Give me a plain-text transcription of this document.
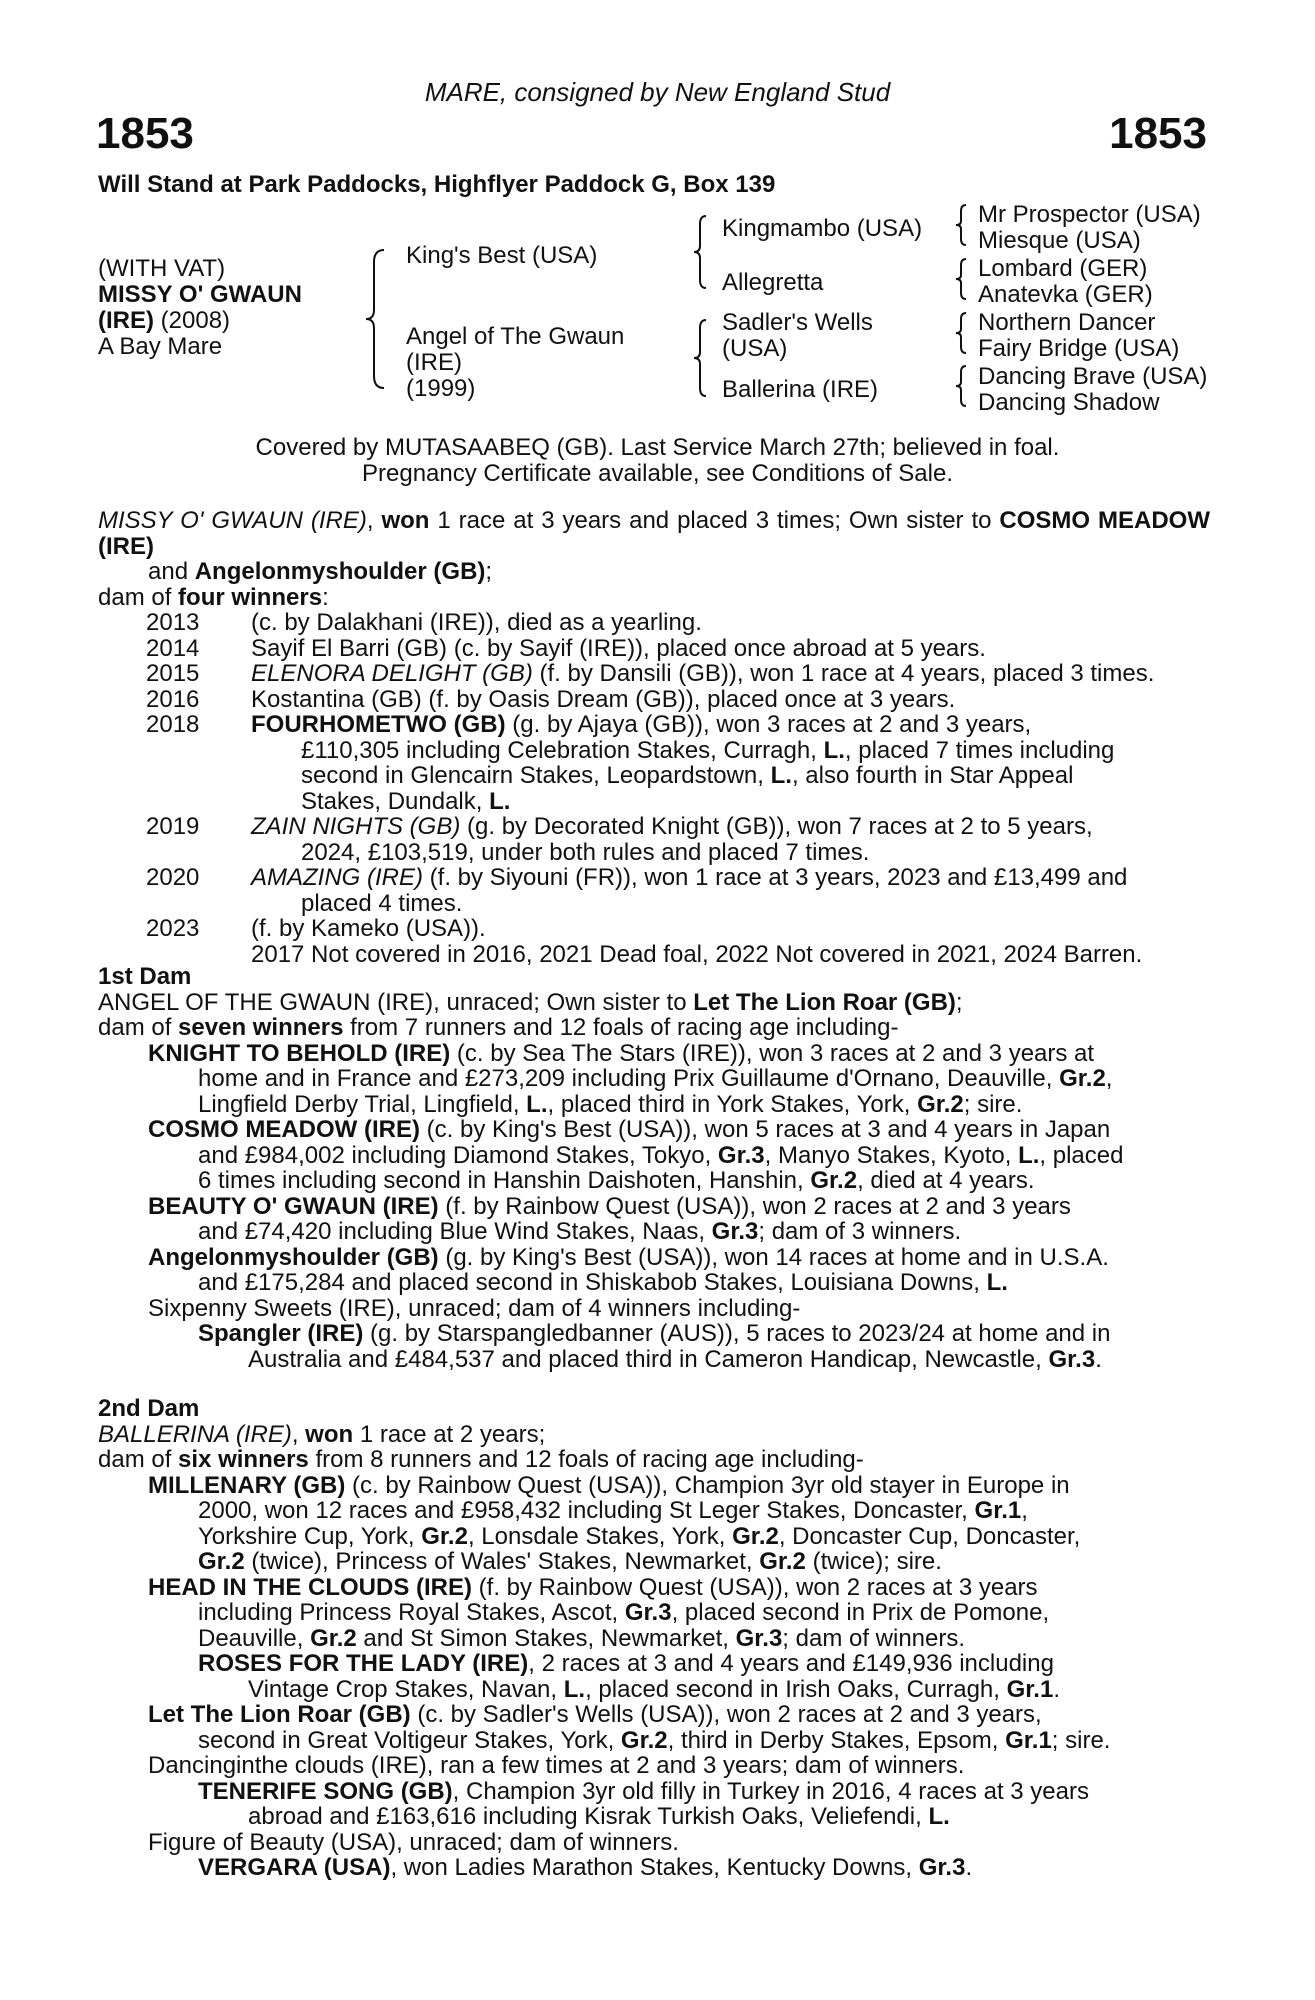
MARE, consigned by New England Stud
1853	1853
Will Stand at Park Paddocks, Highflyer Paddock G, Box 139
(WITH VAT)
MISSY O' GWAUN
(IRE) (2008)
A Bay Mare
King's Best (USA)
Angel of The Gwaun
(IRE)
(1999)
Kingmambo (USA)
Allegretta
Sadler's Wells
(USA)
Ballerina (IRE)
Mr Prospector (USA)
Miesque (USA)
Lombard (GER)
Anatevka (GER)
Northern Dancer
Fairy Bridge (USA)
Dancing Brave (USA)
Dancing Shadow
Covered by MUTASAABEQ (GB). Last Service March 27th; believed in foal.
Pregnancy Certificate available, see Conditions of Sale.

MISSY O' GWAUN (IRE), won 1 race at 3 years and placed 3 times; Own sister to COSMO MEADOW (IRE)

and Angelonmyshoulder (GB);

dam of four winners:

2013	(c. by Dalakhani (IRE)), died as a yearling.
2014	Sayif El Barri (GB) (c. by Sayif (IRE)), placed once abroad at 5 years.
2015	ELENORA DELIGHT (GB) (f. by Dansili (GB)), won 1 race at 4 years, placed 3 times.
2016	Kostantina (GB) (f. by Oasis Dream (GB)), placed once at 3 years.
2018	FOURHOMETWO (GB) (g. by Ajaya (GB)), won 3 races at 2 and 3 years,
£110,305 including Celebration Stakes, Curragh, L., placed 7 times including
second in Glencairn Stakes, Leopardstown, L., also fourth in Star Appeal
Stakes, Dundalk, L.
2019	ZAIN NIGHTS (GB) (g. by Decorated Knight (GB)), won 7 races at 2 to 5 years,
2024, £103,519, under both rules and placed 7 times.
2020	AMAZING (IRE) (f. by Siyouni (FR)), won 1 race at 3 years, 2023 and £13,499 and
placed 4 times.
2023	(f. by Kameko (USA)).
2017 Not covered in 2016, 2021 Dead foal, 2022 Not covered in 2021, 2024 Barren.

1st Dam

ANGEL OF THE GWAUN (IRE), unraced; Own sister to Let The Lion Roar (GB);

dam of seven winners from 7 runners and 12 foals of racing age including-

KNIGHT TO BEHOLD (IRE) (c. by Sea The Stars (IRE)), won 3 races at 2 and 3 years at
home and in France and £273,209 including Prix Guillaume d'Ornano, Deauville, Gr.2,
Lingfield Derby Trial, Lingfield, L., placed third in York Stakes, York, Gr.2; sire.
COSMO MEADOW (IRE) (c. by King's Best (USA)), won 5 races at 3 and 4 years in Japan
and £984,002 including Diamond Stakes, Tokyo, Gr.3, Manyo Stakes, Kyoto, L., placed
6 times including second in Hanshin Daishoten, Hanshin, Gr.2, died at 4 years.
BEAUTY O' GWAUN (IRE) (f. by Rainbow Quest (USA)), won 2 races at 2 and 3 years
and £74,420 including Blue Wind Stakes, Naas, Gr.3; dam of 3 winners.
Angelonmyshoulder (GB) (g. by King's Best (USA)), won 14 races at home and in U.S.A.
and £175,284 and placed second in Shiskabob Stakes, Louisiana Downs, L.
Sixpenny Sweets (IRE), unraced; dam of 4 winners including-
Spangler (IRE) (g. by Starspangledbanner (AUS)), 5 races to 2023/24 at home and in
Australia and £484,537 and placed third in Cameron Handicap, Newcastle, Gr.3.

2nd Dam

BALLERINA (IRE), won 1 race at 2 years;

dam of six winners from 8 runners and 12 foals of racing age including-

MILLENARY (GB) (c. by Rainbow Quest (USA)), Champion 3yr old stayer in Europe in
2000, won 12 races and £958,432 including St Leger Stakes, Doncaster, Gr.1,
Yorkshire Cup, York, Gr.2, Lonsdale Stakes, York, Gr.2, Doncaster Cup, Doncaster,
Gr.2 (twice), Princess of Wales' Stakes, Newmarket, Gr.2 (twice); sire.
HEAD IN THE CLOUDS (IRE) (f. by Rainbow Quest (USA)), won 2 races at 3 years
including Princess Royal Stakes, Ascot, Gr.3, placed second in Prix de Pomone,
Deauville, Gr.2 and St Simon Stakes, Newmarket, Gr.3; dam of winners.
ROSES FOR THE LADY (IRE), 2 races at 3 and 4 years and £149,936 including
Vintage Crop Stakes, Navan, L., placed second in Irish Oaks, Curragh, Gr.1.
Let The Lion Roar (GB) (c. by Sadler's Wells (USA)), won 2 races at 2 and 3 years,
second in Great Voltigeur Stakes, York, Gr.2, third in Derby Stakes, Epsom, Gr.1; sire.
Dancinginthe clouds (IRE), ran a few times at 2 and 3 years; dam of winners.
TENERIFE SONG (GB), Champion 3yr old filly in Turkey in 2016, 4 races at 3 years
abroad and £163,616 including Kisrak Turkish Oaks, Veliefendi, L.
Figure of Beauty (USA), unraced; dam of winners.
VERGARA (USA), won Ladies Marathon Stakes, Kentucky Downs, Gr.3.
